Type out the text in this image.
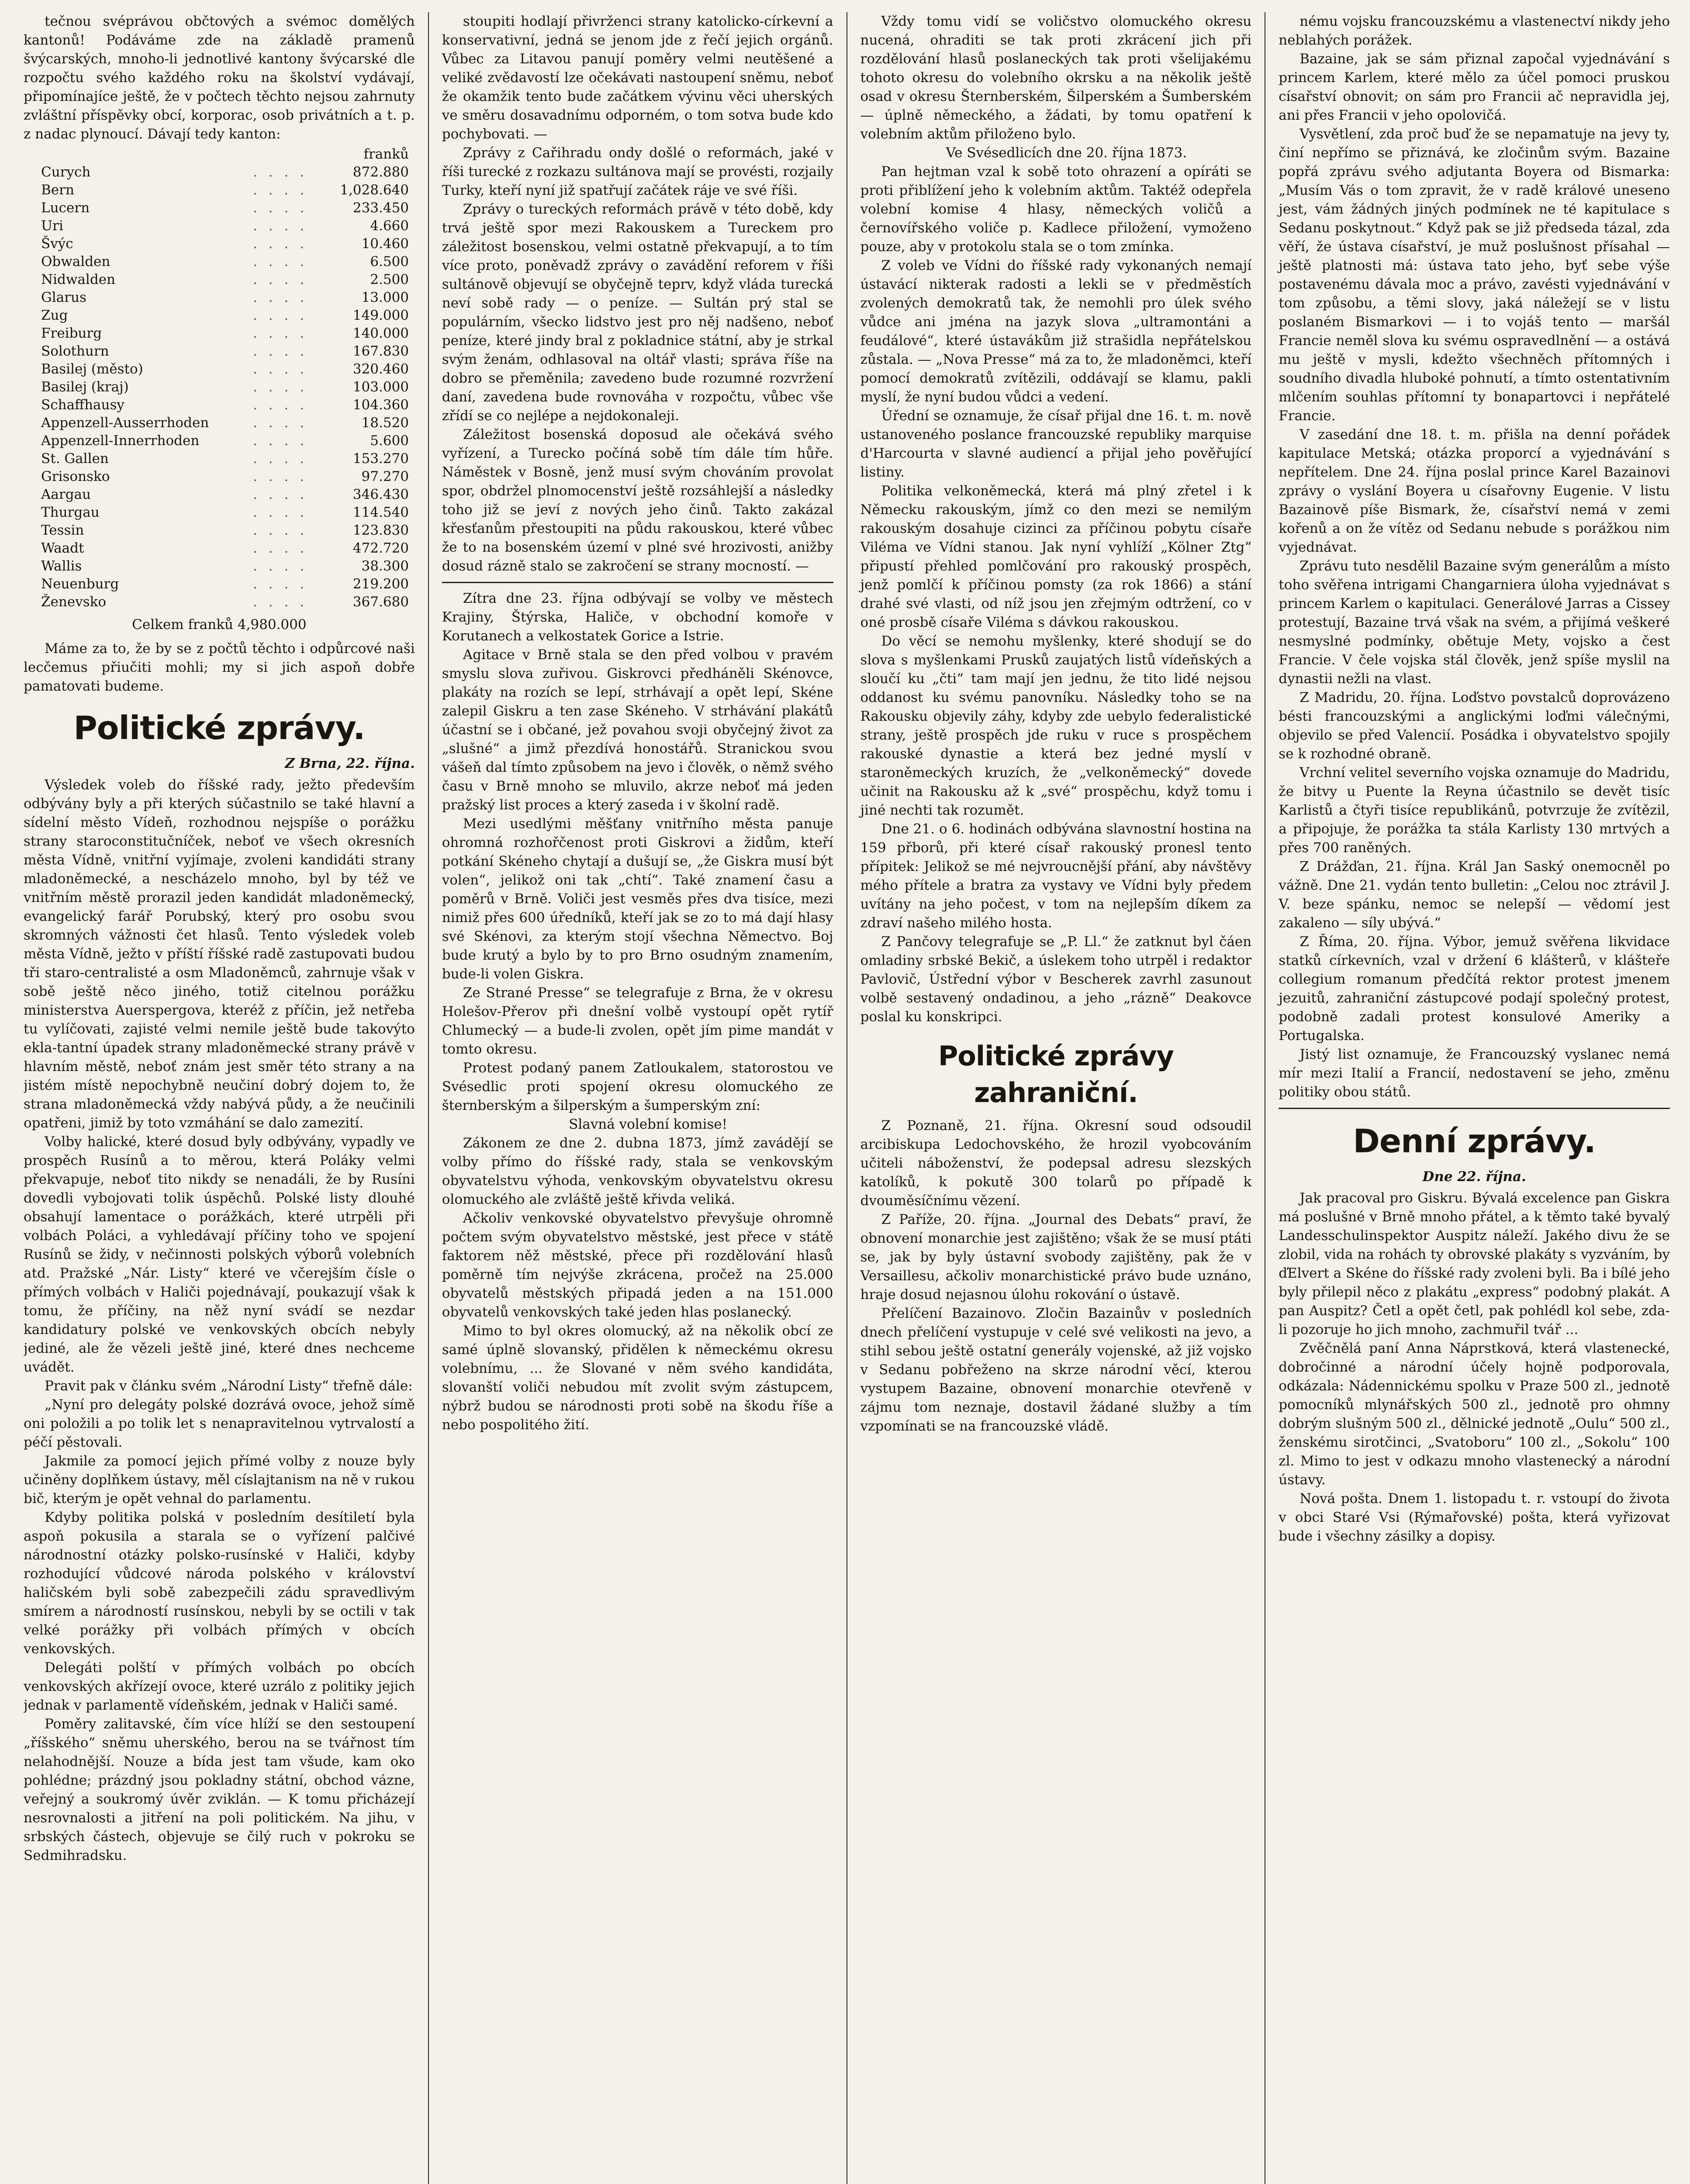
tečnou svéprávou občtových a svémoc domělých kantonů! Podáváme zde na základě pramenů švýcarských, mnoho-li jednotlivé kantony švýcarské dle rozpočtu svého každého roku na školství vydávají, připomínajíce ještě, že v počtech těchto nejsou zahrnuty zvláštní příspěvky obcí, korporac, osob privátních a t. p. z nadac plynoucí. Dávají tedy kanton:

		franků
Curych	. . . .	872.880
Bern	. . . .	1,028.640
Lucern	. . . .	233.450
Uri	. . . .	4.660
Švýc	. . . .	10.460
Obwalden	. . . .	6.500
Nidwalden	. . . .	2.500
Glarus	. . . .	13.000
Zug	. . . .	149.000
Freiburg	. . . .	140.000
Solothurn	. . . .	167.830
Basilej (město)	. . . .	320.460
Basilej (kraj)	. . . .	103.000
Schaffhausy	. . . .	104.360
Appenzell-Ausserrhoden	. . . .	18.520
Appenzell-Innerrhoden	. . . .	5.600
St. Gallen	. . . .	153.270
Grisonsko	. . . .	97.270
Aargau	. . . .	346.430
Thurgau	. . . .	114.540
Tessin	. . . .	123.830
Waadt	. . . .	472.720
Wallis	. . . .	38.300
Neuenburg	. . . .	219.200
Ženevsko	. . . .	367.680
Celkem franků 4,980.000

Máme za to, že by se z počtů těchto i odpůrcové naši lecčemus přiučiti mohli; my si jich aspoň dobře pamatovati budeme.

Politické zprávy.
Z Brna, 22. října.

Výsledek voleb do říšské rady, ježto především odbývány byly a při kterých súčastnilo se také hlavní a sídelní město Vídeň, rozhodnou nejspíše o porážku strany staroconstitučníček, neboť ve všech okresních města Vídně, vnitřní vyjímaje, zvoleni kandidáti strany mladoněmecké, a nescházelo mnoho, byl by též ve vnitřním městě prorazil jeden kandidát mladoněmecký, evangelický farář Porubský, který pro osobu svou skromných vážnosti čet hlasů. Tento výsledek voleb města Vídně, ježto v příští říšské radě zastupovati budou tři staro-centralisté a osm Mladoněmců, zahrnuje však v sobě ještě něco jiného, totiž citelnou porážku ministerstva Auerspergova, kteréž z příčin, jež netřeba tu vylíčovati, zajisté velmi nemile ještě bude takovýto ekla-tantní úpadek strany mladoněmecké strany právě v hlavním městě, neboť znám jest směr této strany a na jistém místě nepochybně neučiní dobrý dojem to, že strana mladoněmecká vždy nabývá půdy, a že neučinili opatřeni, jimiž by toto vzmáhání se dalo zamezití.

Volby halické, které dosud byly odbývány, vypadly ve prospěch Rusínů a to měrou, která Poláky velmi překvapuje, neboť tito nikdy se nenadáli, že by Rusíni dovedli vybojovati tolik úspěchů. Polské listy dlouhé obsahují lamentace o porážkách, které utrpěli při volbách Poláci, a vyhledávají příčiny toho ve spojení Rusínů se židy, v nečinnosti polských výborů volebních atd. Pražské „Nár. Listy“ které ve včerejším čísle o přímých volbách v Haliči pojednávají, poukazují však k tomu, že příčiny, na něž nyní svádí se nezdar kandidatury polské ve venkovských obcích nebyly jediné, ale že vězeli ještě jiné, které dnes nechceme uvádět.

Pravit pak v článku svém „Národní Listy“ třefně dále:

„Nyní pro delegáty polské dozrává ovoce, jehož símě oni položili a po tolik let s nenapravitelnou vytrvalostí a péčí pěstovali.

Jakmile za pomocí jejich přímé volby z nouze byly učiněny doplňkem ústavy, měl císlajtanism na ně v rukou bič, kterým je opět vehnal do parlamentu.

Kdyby politika polská v posledním desítiletí byla aspoň pokusila a starala se o vyřízení palčivé národnostní otázky polsko-rusínské v Haliči, kdyby rozhodující vůdcové národa polského v království haličském byli sobě zabezpečili zádu spravedlivým smírem a národností rusínskou, nebyli by se octili v tak velké porážky při volbách přímých v obcích venkovských.

Delegáti polští v přímých volbách po obcích venkovských akřízejí ovoce, které uzrálo z politiky jejich jednak v parlamentě vídeňském, jednak v Haliči samé.

Poměry zalitavské, čím více hlíží se den sestoupení „říšského“ sněmu uherského, berou na se tvářnost tím nelahodnější. Nouze a bída jest tam všude, kam oko pohlédne; prázdný jsou pokladny státní, obchod vázne, veřejný a soukromý úvěr zviklán. — K tomu přicházejí nesrovnalosti a jitření na poli politickém. Na jihu, v srbských částech, objevuje se čilý ruch v pokroku se Sedmihradsku.

stoupiti hodlají přivrženci strany katolicko-církevní a konservativní, jedná se jenom jde z řečí jejich orgánů. Vůbec za Litavou panují poměry velmi neutěšené a veliké zvědavostí lze očekávati nastoupení sněmu, neboť že okamžik tento bude začátkem vývinu věci uherských ve směru dosavadnímu odporném, o tom sotva bude kdo pochybovati. —

Zprávy z Cařihradu ondy došlé o reformách, jaké v říši turecké z rozkazu sultánova mají se provésti, rozjaily Turky, kteří nyní již spatřují začátek ráje ve své říši.

Zprávy o tureckých reformách právě v této době, kdy trvá ještě spor mezi Rakouskem a Tureckem pro záležitost bosenskou, velmi ostatně překvapují, a to tím více proto, poněvadž zprávy o zavádění reforem v říši sultánově objevují se obyčejně teprv, když vláda turecká neví sobě rady — o peníze. — Sultán prý stal se populárním, všecko lidstvo jest pro něj nadšeno, neboť peníze, které jindy bral z pokladnice státní, aby je strkal svým ženám, odhlasoval na oltář vlasti; správa říše na dobro se přeměnila; zavedeno bude rozumné rozvržení daní, zavedena bude rovnováha v rozpočtu, vůbec vše zřídí se co nejlépe a nejdokonaleji.

Záležitost bosenská doposud ale očekává svého vyřízení, a Turecko počíná sobě tím dále tím hůře. Náměstek v Bosně, jenž musí svým chováním provolat spor, obdržel plnomocenství ještě rozsáhlejší a následky toho již se jeví z nových jeho činů. Takto zakázal křesťanům přestoupiti na půdu rakouskou, které vůbec že to na bosenském území v plné své hrozivosti, anižby dosud rázně stalo se zakročení se strany mocností. —

Zítra dne 23. října odbývají se volby ve městech Krajiny, Štýrska, Haliče, v obchodní komoře v Korutanech a velkostatek Gorice a Istrie.

Agitace v Brně stala se den před volbou v pravém smyslu slova zuřivou. Giskrovci předháněli Skénovce, plakáty na rozích se lepí, strhávají a opět lepí, Skéne zalepil Giskru a ten zase Skéneho. V strhávání plakátů účastní se i občané, jež povahou svoji obyčejný život za „slušné“ a jimž přezdívá honostářů. Stranickou svou vášeň dal tímto způsobem na jevo i člověk, o němž svého času v Brně mnoho se mluvilo, akrze neboť má jeden pražský list proces a který zaseda i v školní radě.

Mezi usedlými měšťany vnitřního města panuje ohromná rozhořčenost proti Giskrovi a židům, kteří potkání Skéneho chytají a dušují se, „že Giskra musí být volen“, jelikož oni tak „chtí“. Také znamení času a poměrů v Brně. Voliči jest vesměs přes dva tisíce, mezi nimiž přes 600 úředníků, kteří jak se zo to má dají hlasy své Skénovi, za kterým stojí všechna Němectvo. Boj bude krutý a bylo by to pro Brno osudným znamením, bude-li volen Giskra.

Ze Strané Presse“ se telegrafuje z Brna, že v okresu Holešov-Přerov při dnešní volbě vystoupí opět rytíř Chlumecký — a bude-li zvolen, opět jím pime mandát v tomto okresu.

Protest podaný panem Zatloukalem, statorostou ve Svésedlic proti spojení okresu olomuckého ze šternberským a šilperským a šumperským zní:

Slavná volební komise!

Zákonem ze dne 2. dubna 1873, jímž zavádějí se volby přímo do říšské rady, stala se venkovským obyvatelstvu výhoda, venkovským obyvatelstvu okresu olomuckého ale zvláště ještě křivda veliká.

Ačkoliv venkovské obyvatelstvo převyšuje ohromně počtem svým obyvatelstvo městské, jest přece v státě faktorem něž městské, přece při rozdělování hlasů poměrně tím nejvýše zkrácena, pročež na 25.000 obyvatelů městských připadá jeden a na 151.000 obyvatelů venkovských také jeden hlas poslanecký.

Mimo to byl okres olomucký, až na několik obcí ze samé úplně slovanský, přidělen k německému okresu volebnímu, ... že Slované v něm svého kandidáta, slovanští voliči nebudou mít zvolit svým zástupcem, nýbrž budou se národnosti proti sobě na škodu říše a nebo pospolitého žití.

Vždy tomu vidí se voličstvo olomuckého okresu nucená, ohraditi se tak proti zkrácení jich při rozdělování hlasů poslaneckých tak proti všelijakému tohoto okresu do volebního okrsku a na několik ještě osad v okresu Šternberském, Šilperském a Šumberském — úplně německého, a žádati, by tomu opatření k volebním aktům přiloženo bylo.

Ve Svésedlicích dne 20. října 1873.

Pan hejtman vzal k sobě toto ohrazení a opíráti se proti přiblížení jeho k volebním aktům. Taktéž odepřela volební komise 4 hlasy, německých voličů a černovířského voliče p. Kadlece přiložení, vymoženo pouze, aby v protokolu stala se o tom zmínka.

Z voleb ve Vídni do říšské rady vykonaných nemají ústavácí nikterak radosti a lekli se v předměstích zvolených demokratů tak, že nemohli pro úlek svého vůdce ani jména na jazyk slova „ultramontáni a feudálové“, které ústavákům již strašidla nepřátelskou zůstala. — „Nova Presse“ má za to, že mladoněmci, kteří pomocí demokratů zvítězili, oddávají se klamu, pakli myslí, že nyní budou vůdci a vedení.

Úřední se oznamuje, že císař přijal dne 16. t. m. nově ustanoveného poslance francouzské republiky marquise d'Harcourta v slavné audiencí a přijal jeho pověřující listiny.

Politika velkoněmecká, která má plný zřetel i k Německu rakouským, jímž co den mezi se nemilým rakouským dosahuje cizinci za příčinou pobytu císaře Viléma ve Vídni stanou. Jak nyní vyhlíží „Kölner Ztg“ připustí přehled pomlčování pro rakouský prospěch, jenž pomlčí k příčinou pomsty (za rok 1866) a stání drahé své vlasti, od níž jsou jen zřejmým odtržení, co v oné prosbě císaře Viléma s dávkou rakouskou.

Do věcí se nemohu myšlenky, které shodují se do slova s myšlenkami Prusků zaujatých listů vídeňských a sloučí ku „čti“ tam mají jen jednu, že tito lidé nejsou oddanost ku svému panovníku. Následky toho se na Rakousku objevily záhy, kdyby zde uebylo federalistické strany, ještě prospěch jde ruku v ruce s prospěchem rakouské dynastie a která bez jedné myslí v staroněmeckých kruzích, že „velkoněmecký“ dovede učinit na Rakousku až k „své“ prospěchu, když tomu i jiné nechti tak rozumět.

Dne 21. o 6. hodinách odbývána slavnostní hostina na 159 přborů, při které císař rakouský pronesl tento přípitek: Jelikož se mé nejvroucnější přání, aby návštěvy mého přítele a bratra za vystavy ve Vídni byly předem uvítány na jeho počest, v tom na nejlepším díkem za zdraví našeho milého hosta.

Z Pančovy telegrafuje se „P. Ll.“ že zatknut byl čáen omladiny srbské Bekič, a úslekem toho utrpěl i redaktor Pavlovič, Ústřední výbor v Bescherek zavrhl zasunout volbě sestavený ondadinou, a jeho „rázně“ Deakovce poslal ku konskripci.

Politické zprávy zahraniční.

Z Poznaně, 21. října. Okresní soud odsoudil arcibiskupa Ledochovského, že hrozil vyobcováním učiteli náboženství, že podepsal adresu slezských katolíků, k pokutě 300 tolarů po případě k dvouměsíčnímu vězení.

Z Paříže, 20. října. „Journal des Debats“ praví, že obnovení monarchie jest zajištěno; však že se musí ptáti se, jak by byly ústavní svobody zajištěny, pak že v Versaillesu, ačkoliv monarchistické právo bude uznáno, hraje dosud nejasnou úlohu rokování o ústavě.

Přelíčení Bazainovo. Zločin Bazainův v posledních dnech přelíčení vystupuje v celé své velikosti na jevo, a stihl sebou ještě ostatní generály vojenské, až již vojsko v Sedanu pobřeženo na skrze národní věcí, kterou vystupem Bazaine, obnovení monarchie otevřeně v zájmu tom neznaje, dostavil žádané služby a tím vzpomínati se na francouzské vládě.

nému vojsku francouzskému a vlastenectví nikdy jeho neblahých porážek.

Bazaine, jak se sám přiznal započal vyjednávání s princem Karlem, které mělo za účel pomoci pruskou císařství obnovit; on sám pro Francii ač nepravidla jej, ani přes Francii v jeho opolovičá.

Vysvětlení, zda proč buď že se nepamatuje na jevy ty, činí nepřímo se přiznává, ke zločinům svým. Bazaine popřá zprávu svého adjutanta Boyera od Bismarka: „Musím Vás o tom zpravit, že v radě králové uneseno jest, vám žádných jiných podmínek ne té kapitulace s Sedanu poskytnout.“ Když pak se již předseda tázal, zda věří, že ústava císařství, je muž poslušnost přísahal — ještě platnosti má: ústava tato jeho, byť sebe výše postavenému dávala moc a právo, zavésti vyjednávání v tom způsobu, a těmi slovy, jaká náležejí se v listu poslaném Bismarkovi — i to vojáš tento — maršál Francie neměl slova ku svému ospravedlnění — a ostává mu ještě v mysli, kdežto všechněch přítomných i soudního divadla hluboké pohnutí, a tímto ostentativním mlčením souhlas přítomní ty bonapartovci i nepřátelé Francie.

V zasedání dne 18. t. m. přišla na denní pořádek kapitulace Metská; otázka proporcí a vyjednávání s nepřítelem. Dne 24. října poslal prince Karel Bazainovi zprávy o vyslání Boyera u císařovny Eugenie. V listu Bazainově píše Bismark, že, císařství nemá v zemi kořenů a on že vítěz od Sedanu nebude s porážkou nim vyjednávat.

Zprávu tuto nesdělil Bazaine svým generálům a místo toho svěřena intrigami Changarniera úloha vyjednávat s princem Karlem o kapitulaci. Generálové Jarras a Cissey protestují, Bazaine trvá však na svém, a přijímá veškeré nesmyslné podmínky, obětuje Mety, vojsko a čest Francie. V čele vojska stál člověk, jenž spíše myslil na dynastii nežli na vlast.

Z Madridu, 20. října. Loďstvo povstalců doprovázeno bésti francouzskými a anglickými loďmi válečnými, objevilo se před Valencií. Posádka i obyvatelstvo spojily se k rozhodné obraně.

Vrchní velitel severního vojska oznamuje do Madridu, že bitvy u Puente la Reyna účastnilo se devět tisíc Karlistů a čtyři tisíce republikánů, potvrzuje že zvítězil, a připojuje, že porážka ta stála Karlisty 130 mrtvých a přes 700 raněných.

Z Drážďan, 21. října. Král Jan Saský onemocněl po vážně. Dne 21. vydán tento bulletin: „Celou noc ztrávil J. V. beze spánku, nemoc se nelepší — vědomí jest zakaleno — síly ubývá.“

Z Říma, 20. října. Výbor, jemuž svěřena likvidace statků církevních, vzal v držení 6 klášterů, v klášteře collegium romanum předčítá rektor protest jmenem jezuitů, zahraniční zástupcové podají společný protest, podobně zadali protest konsulové Ameriky a Portugalska.

Jistý list oznamuje, že Francouzský vyslanec nemá mír mezi Italií a Francií, nedostavení se jeho, změnu politiky obou států.

Denní zprávy.
Dne 22. října.

Jak pracoval pro Giskru. Bývalá excelence pan Giskra má poslušné v Brně mnoho přátel, a k těmto také byvalý Landesschulinspektor Auspitz náleží. Jakého divu že se zlobil, vida na rohách ty obrovské plakáty s vyzváním, by ďElvert a Skéne do říšské rady zvoleni byli. Ba i bílé jeho byly přilepil něco z plakátu „express“ podobný plakát. A pan Auspitz? Četl a opět četl, pak pohlédl kol sebe, zda-li pozoruje ho jich mnoho, zachmuřil tvář ...

Zvěčnělá paní Anna Náprstková, která vlastenecké, dobročinné a národní účely hojně podporovala, odkázala: Nádennickému spolku v Praze 500 zl., jednotě pomocníků mlynářských 500 zl., jednotě pro ohmny dobrým slušným 500 zl., dělnické jednotě „Oulu“ 500 zl., ženskému sirotčinci, „Svatoboru“ 100 zl., „Sokolu“ 100 zl. Mimo to jest v odkazu mnoho vlastenecký a národní ústavy.

Nová pošta. Dnem 1. listopadu t. r. vstoupí do života v obci Staré Vsi (Rýmařovské) pošta, která vyřizovat bude i všechny zásilky a dopisy.
